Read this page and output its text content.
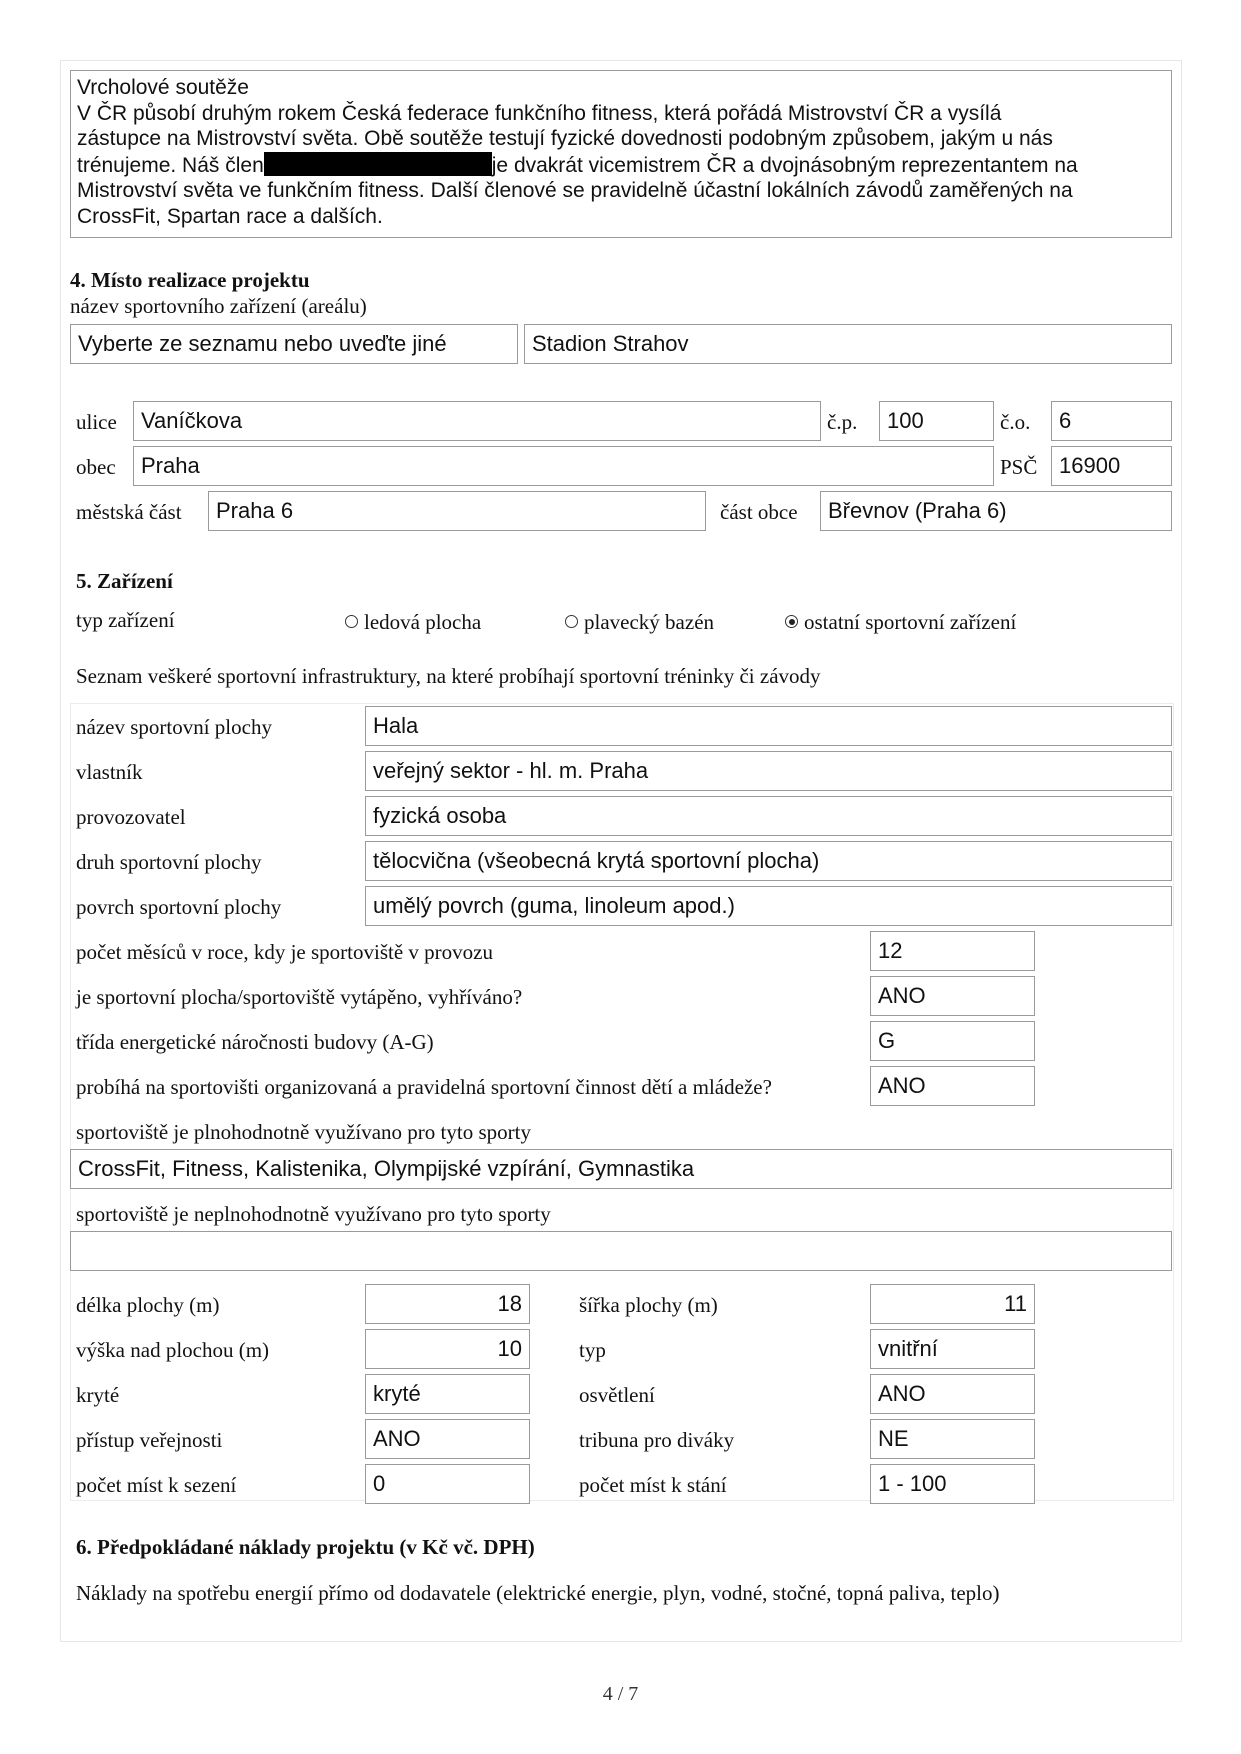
Vrcholové soutěže
V ČR působí druhým rokem Česká federace funkčního fitness, která pořádá Mistrovství ČR a vysílá
zástupce na Mistrovství světa. Obě soutěže testují fyzické dovednosti podobným způsobem, jakým u nás
trénujeme. Náš člen	je dvakrát vicemistrem ČR a dvojnásobným reprezentantem na
Mistrovství světa ve funkčním fitness. Další členové se pravidelně účastní lokálních závodů zaměřených na
CrossFit, Spartan race a dalších.
4. Místo realizace projektu
název sportovního zařízení (areálu)
Vyberte ze seznamu nebo uveďte jiné	Stadion Strahov
ulice	Vaníčkova	č.p.	100	č.o.	6
obec	Praha	PSČ 16900
městská část	Praha 6	část obce	Břevnov (Praha 6)
5. Zařízení
typ zařízení	ledová plocha	plavecký bazén	ostatní sportovní zařízení
Seznam veškeré sportovní infrastruktury, na které probíhají sportovní tréninky či závody
název sportovní plochy	Hala
vlastník	veřejný sektor - hl. m. Praha
provozovatel	fyzická osoba
druh sportovní plochy	tělocvična (všeobecná krytá sportovní plocha)
povrch sportovní plochy	umělý povrch (guma, linoleum apod.)
počet měsíců v roce, kdy je sportoviště v provozu	12
je sportovní plocha/sportoviště vytápěno, vyhříváno?	ANO
třída energetické náročnosti budovy (A-G)	G
probíhá na sportovišti organizovaná a pravidelná sportovní činnost dětí a mládeže?	ANO
sportoviště je plnohodnotně využívano pro tyto sporty
CrossFit, Fitness, Kalistenika, Olympijské vzpírání, Gymnastika
sportoviště je neplnohodnotně využívano pro tyto sporty
délka plochy (m)	18	šířka plochy (m)	11
výška nad plochou (m)	10	typ	vnitřní
kryté	kryté	osvětlení	ANO
přístup veřejnosti	ANO	tribuna pro diváky	NE
počet míst k sezení	0	počet míst k stání	1 - 100
6. Předpokládané náklady projektu (v Kč vč. DPH)
Náklady na spotřebu energií přímo od dodavatele (elektrické energie, plyn, vodné, stočné, topná paliva, teplo)
4 / 7
